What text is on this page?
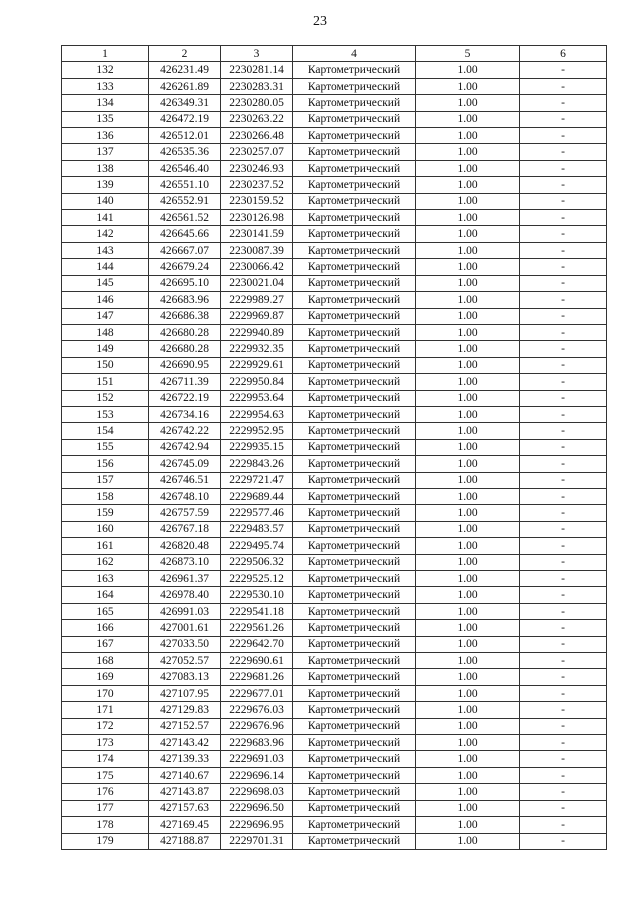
23
1	2	3	4	5	6
132	426231.49	2230281.14	Картометрический	1.00	-
133	426261.89	2230283.31	Картометрический	1.00	-
134	426349.31	2230280.05	Картометрический	1.00	-
135	426472.19	2230263.22	Картометрический	1.00	-
136	426512.01	2230266.48	Картометрический	1.00	-
137	426535.36	2230257.07	Картометрический	1.00	-
138	426546.40	2230246.93	Картометрический	1.00	-
139	426551.10	2230237.52	Картометрический	1.00	-
140	426552.91	2230159.52	Картометрический	1.00	-
141	426561.52	2230126.98	Картометрический	1.00	-
142	426645.66	2230141.59	Картометрический	1.00	-
143	426667.07	2230087.39	Картометрический	1.00	-
144	426679.24	2230066.42	Картометрический	1.00	-
145	426695.10	2230021.04	Картометрический	1.00	-
146	426683.96	2229989.27	Картометрический	1.00	-
147	426686.38	2229969.87	Картометрический	1.00	-
148	426680.28	2229940.89	Картометрический	1.00	-
149	426680.28	2229932.35	Картометрический	1.00	-
150	426690.95	2229929.61	Картометрический	1.00	-
151	426711.39	2229950.84	Картометрический	1.00	-
152	426722.19	2229953.64	Картометрический	1.00	-
153	426734.16	2229954.63	Картометрический	1.00	-
154	426742.22	2229952.95	Картометрический	1.00	-
155	426742.94	2229935.15	Картометрический	1.00	-
156	426745.09	2229843.26	Картометрический	1.00	-
157	426746.51	2229721.47	Картометрический	1.00	-
158	426748.10	2229689.44	Картометрический	1.00	-
159	426757.59	2229577.46	Картометрический	1.00	-
160	426767.18	2229483.57	Картометрический	1.00	-
161	426820.48	2229495.74	Картометрический	1.00	-
162	426873.10	2229506.32	Картометрический	1.00	-
163	426961.37	2229525.12	Картометрический	1.00	-
164	426978.40	2229530.10	Картометрический	1.00	-
165	426991.03	2229541.18	Картометрический	1.00	-
166	427001.61	2229561.26	Картометрический	1.00	-
167	427033.50	2229642.70	Картометрический	1.00	-
168	427052.57	2229690.61	Картометрический	1.00	-
169	427083.13	2229681.26	Картометрический	1.00	-
170	427107.95	2229677.01	Картометрический	1.00	-
171	427129.83	2229676.03	Картометрический	1.00	-
172	427152.57	2229676.96	Картометрический	1.00	-
173	427143.42	2229683.96	Картометрический	1.00	-
174	427139.33	2229691.03	Картометрический	1.00	-
175	427140.67	2229696.14	Картометрический	1.00	-
176	427143.87	2229698.03	Картометрический	1.00	-
177	427157.63	2229696.50	Картометрический	1.00	-
178	427169.45	2229696.95	Картометрический	1.00	-
179	427188.87	2229701.31	Картометрический	1.00	-
